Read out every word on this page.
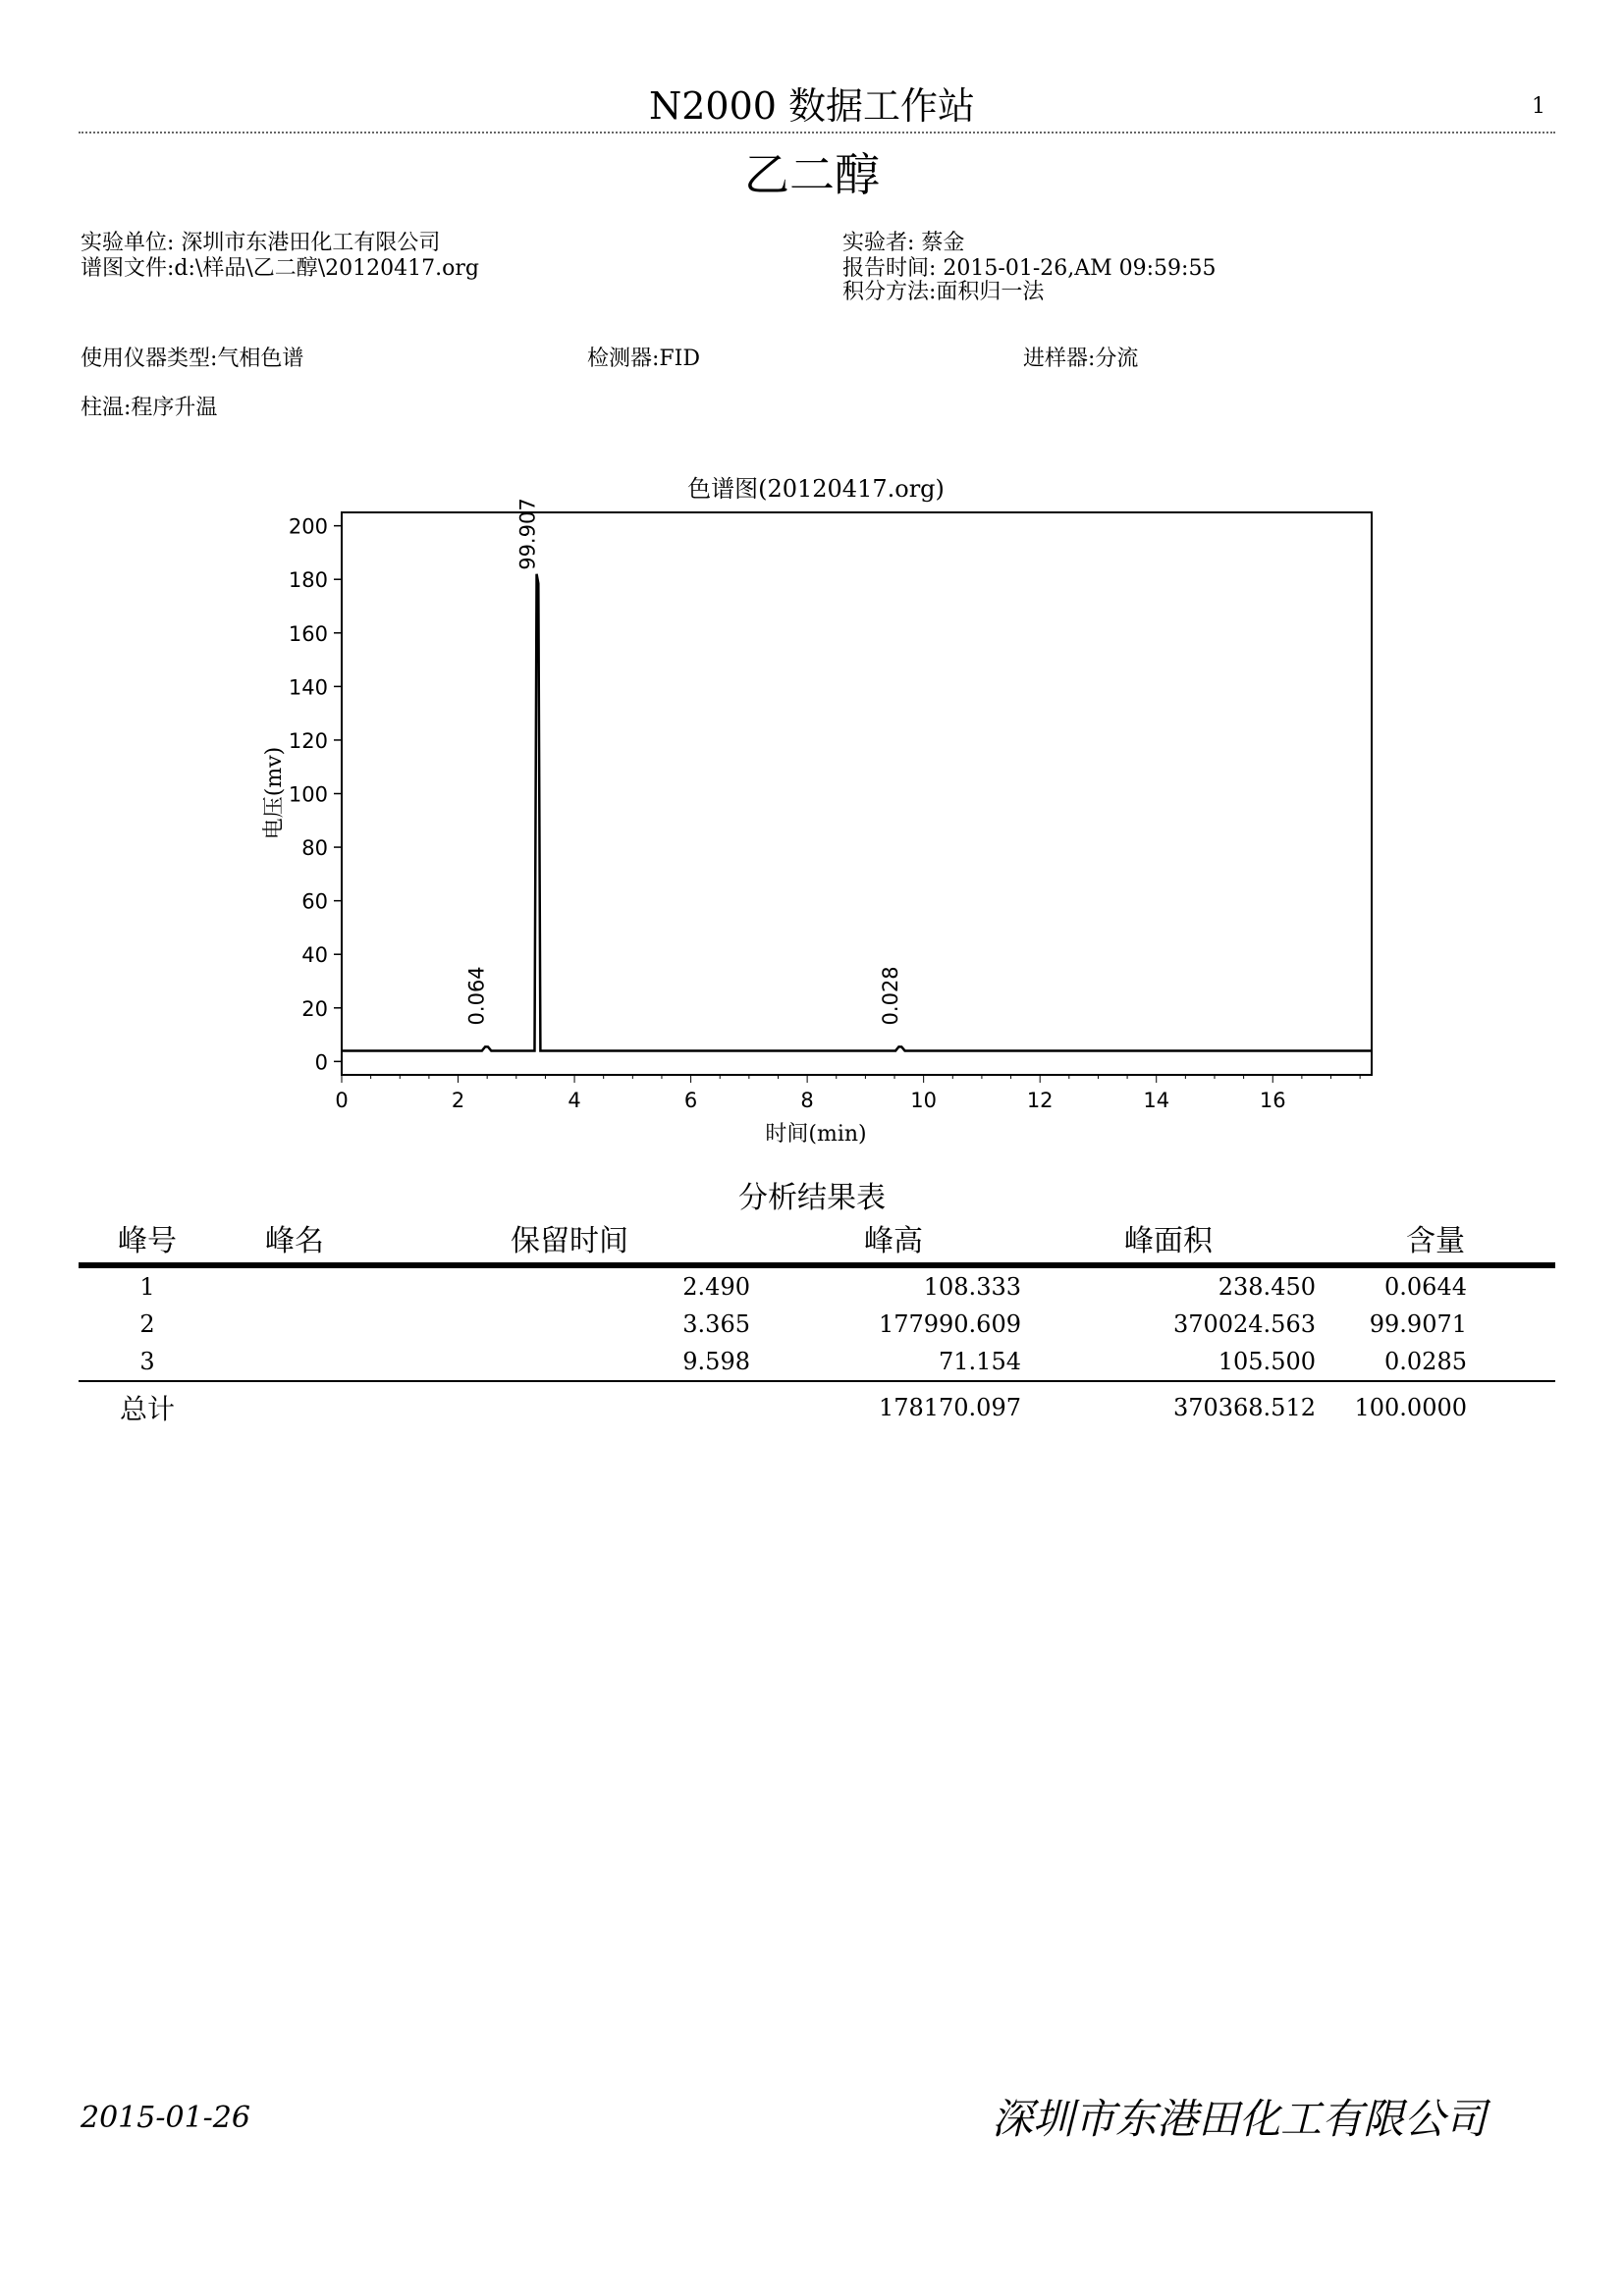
N2000 数据工作站	1
乙二醇
实验单位: 深圳市东港田化工有限公司
谱图文件:d:\样品\乙二醇\20120417.org
实验者: 蔡金
报告时间: 2015-01-26,AM 09:59:55
积分方法:面积归一法
使用仪器类型:气相色谱	检测器:FID	进样器:分流
柱温:程序升温
色谱图(20120417.org)
0
20
40
60
80
100
120
140
160
180
200
0	2	4	6	8	10	12	14	16
0.064
99.907
0.028
时间(min)
电压(mv)
分析结果表
峰号	峰名	保留时间	峰高	峰面积	含量
1		2.490	108.333	238.450	0.0644
2		3.365	177990.609	370024.563	99.9071
3		9.598	71.154	105.500	0.0285
总计			178170.097	370368.512	100.0000
2015-01-26	深圳市东港田化工有限公司
